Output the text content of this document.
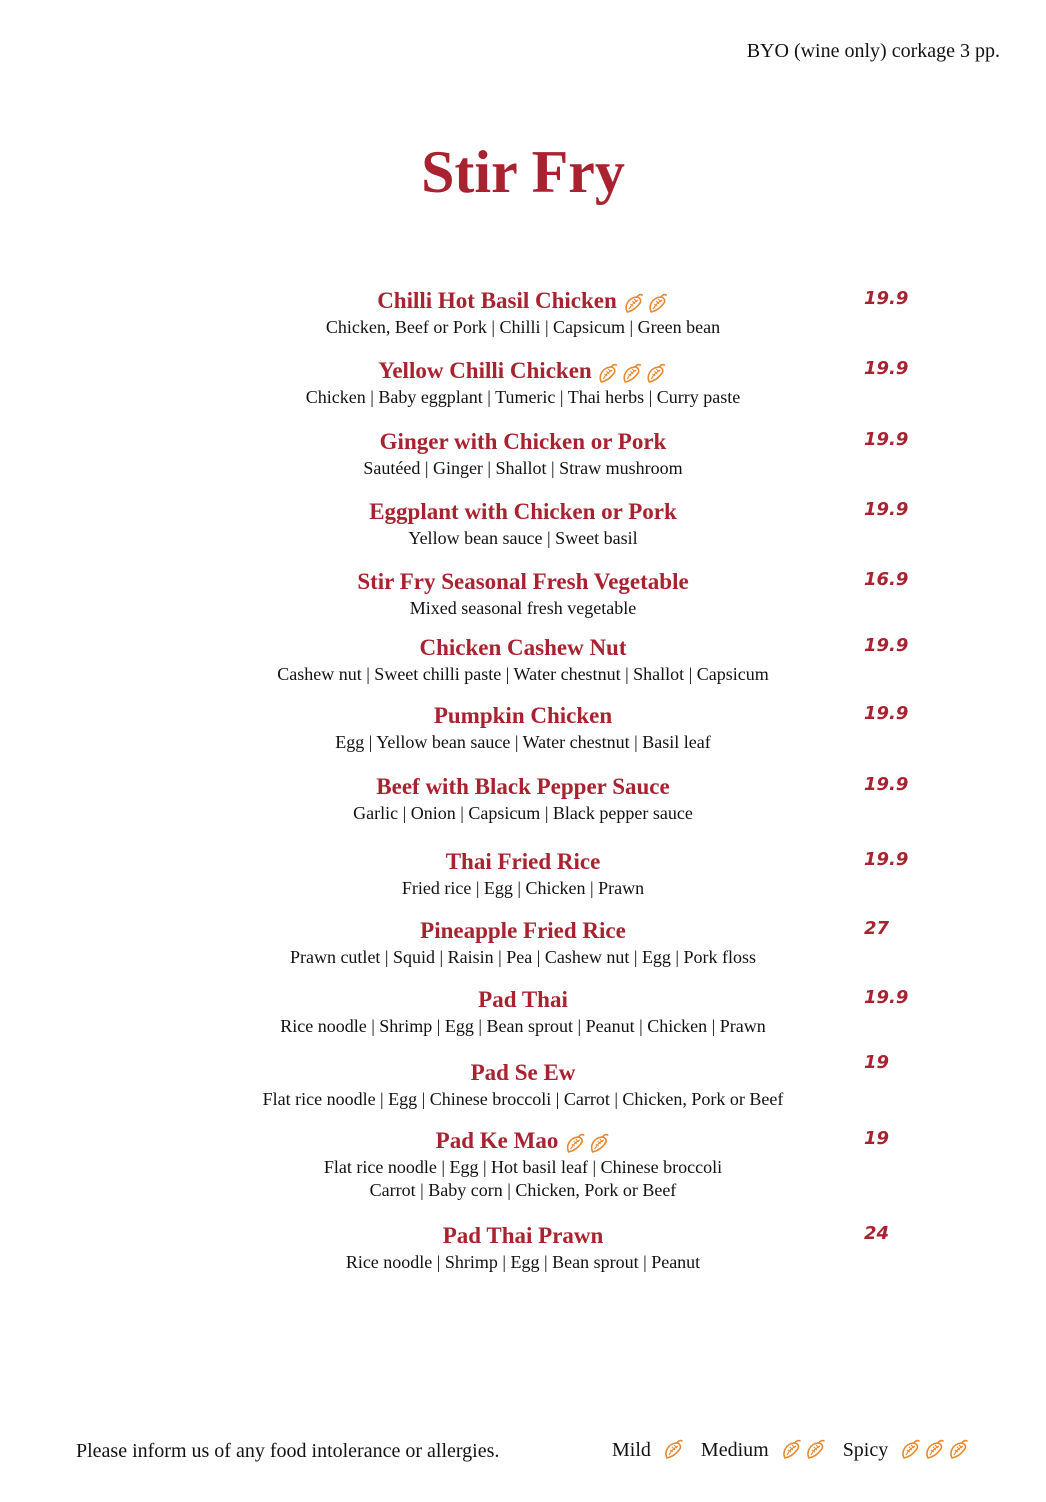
BYO (wine only) corkage 3 pp.
Stir Fry
Chilli Hot Basil Chicken	19.9
Chicken, Beef or Pork | Chilli | Capsicum | Green bean
Yellow Chilli Chicken	19.9
Chicken | Baby eggplant | Tumeric | Thai herbs | Curry paste
Ginger with Chicken or Pork	19.9
Sautéed | Ginger | Shallot | Straw mushroom
Eggplant with Chicken or Pork	19.9
Yellow bean sauce | Sweet basil
Stir Fry Seasonal Fresh Vegetable	16.9
Mixed seasonal fresh vegetable
Chicken Cashew Nut	19.9
Cashew nut | Sweet chilli paste | Water chestnut | Shallot | Capsicum
Pumpkin Chicken	19.9
Egg | Yellow bean sauce | Water chestnut | Basil leaf
Beef with Black Pepper Sauce	19.9
Garlic | Onion | Capsicum | Black pepper sauce
Thai Fried Rice	19.9
Fried rice | Egg | Chicken | Prawn
Pineapple Fried Rice	27
Prawn cutlet | Squid | Raisin | Pea | Cashew nut | Egg | Pork floss
Pad Thai	19.9
Rice noodle | Shrimp | Egg | Bean sprout | Peanut | Chicken | Prawn
Pad Se Ew	19
Flat rice noodle | Egg | Chinese broccoli | Carrot | Chicken, Pork or Beef
Pad Ke Mao	19
Flat rice noodle | Egg | Hot basil leaf | Chinese broccoli
Carrot | Baby corn | Chicken, Pork or Beef
Pad Thai Prawn	24
Rice noodle | Shrimp | Egg | Bean sprout | Peanut
Please inform us of any food intolerance or allergies.	Mild	Medium	Spicy
